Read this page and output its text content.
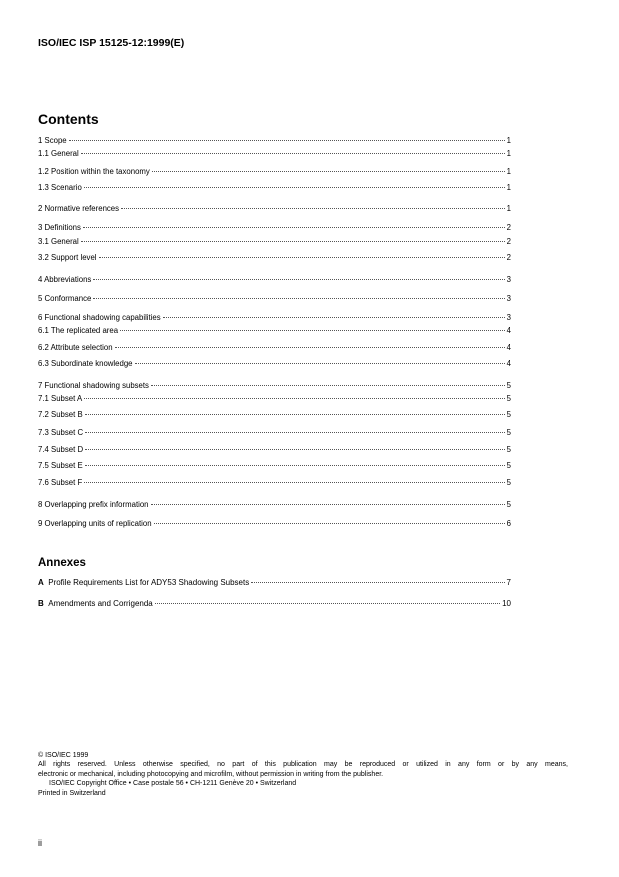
ISO/IEC ISP 15125-12:1999(E)
Contents
1 Scope	1
1.1 General	1
1.2 Position within the taxonomy	1
1.3 Scenario	1
2 Normative references	1
3 Definitions	2
3.1 General	2
3.2 Support level	2
4 Abbreviations	3
5 Conformance	3
6 Functional shadowing capabilities	3
6.1 The replicated area	4
6.2 Attribute selection	4
6.3 Subordinate knowledge	4
7 Functional shadowing subsets	5
7.1 Subset A	5
7.2 Subset B	5
7.3 Subset C	5
7.4 Subset D	5
7.5 Subset E	5
7.6 Subset F	5
8 Overlapping prefix information	5
9 Overlapping units of replication	6
Annexes
A Profile Requirements List for ADY53 Shadowing Subsets	7
B Amendments and Corrigenda	10

© ISO/IEC 1999

All rights reserved. Unless otherwise specified, no part of this publication may be reproduced or utilized in any form or by any means,

electronic or mechanical, including photocopying and microfilm, without permission in writing from the publisher.

ISO/IEC Copyright Office • Case postale 56 • CH-1211 Genève 20 • Switzerland

Printed in Switzerland

ii
